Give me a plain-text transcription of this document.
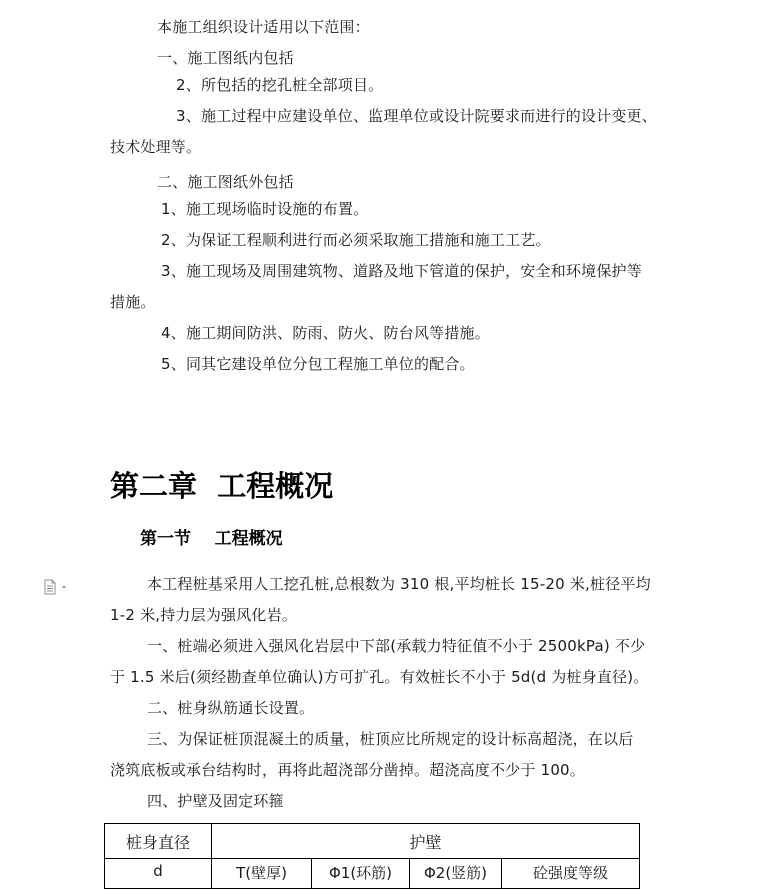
本施工组织设计适用以下范围：
一、施工图纸内包括
2、所包括的挖孔桩全部项目。
3、施工过程中应建设单位、监理单位或设计院要求而进行的设计变更、
技术处理等。
二、施工图纸外包括
1、施工现场临时设施的布置。
2、为保证工程顺利进行而必须采取施工措施和施工工艺。
3、施工现场及周围建筑物、道路及地下管道的保护，安全和环境保护等
措施。
4、施工期间防洪、防雨、防火、防台风等措施。
5、同其它建设单位分包工程施工单位的配合。
第二章  工程概况
第一节    工程概况
本工程桩基采用人工挖孔桩,总根数为 310 根,平均桩长 15-20 米,桩径平均
1-2 米,持力层为强风化岩。
一、桩端必须进入强风化岩层中下部(承载力特征值不小于 2500kPa) 不少
于 1.5 米后(须经勘查单位确认)方可扩孔。有效桩长不小于 5d(d 为桩身直径)。
二、桩身纵筋通长设置。
三、为保证桩顶混凝土的质量，桩顶应比所规定的设计标高超浇，在以后
浇筑底板或承台结构时，再将此超浇部分凿掉。超浇高度不少于 100。
四、护壁及固定环箍
桩身直径	护壁			
d	T(壁厚)	Φ1(环筋)	Φ2(竖筋)	砼强度等级
